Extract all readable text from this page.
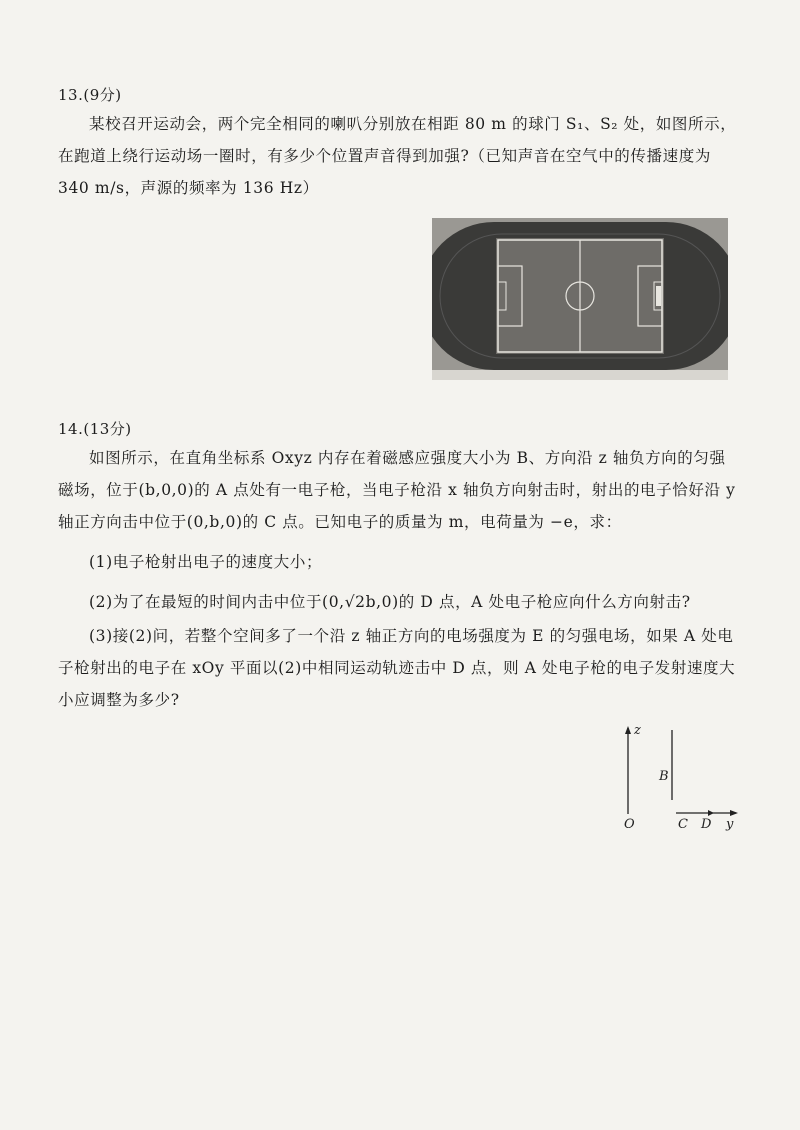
13.(9分)

某校召开运动会，两个完全相同的喇叭分别放在相距 80 m 的球门 S₁、S₂ 处，如图所示，在跑道上绕行运动场一圈时，有多少个位置声音得到加强?（已知声音在空气中的传播速度为 340 m/s，声源的频率为 136 Hz）

14.(13分)

如图所示，在直角坐标系 Oxyz 内存在着磁感应强度大小为 B、方向沿 z 轴负方向的匀强磁场，位于(b,0,0)的 A 点处有一电子枪，当电子枪沿 x 轴负方向射击时，射出的电子恰好沿 y 轴正方向击中位于(0,b,0)的 C 点。已知电子的质量为 m，电荷量为 −e，求：

(1)电子枪射出电子的速度大小；
(2)为了在最短的时间内击中位于(0,√2b,0)的 D 点，A 处电子枪应向什么方向射击?

(3)接(2)问，若整个空间多了一个沿 z 轴正方向的电场强度为 E 的匀强电场，如果 A 处电子枪射出的电子在 xOy 平面以(2)中相同运动轨迹击中 D 点，则 A 处电子枪的电子发射速度大小应调整为多少?

z
B
O	C D y
